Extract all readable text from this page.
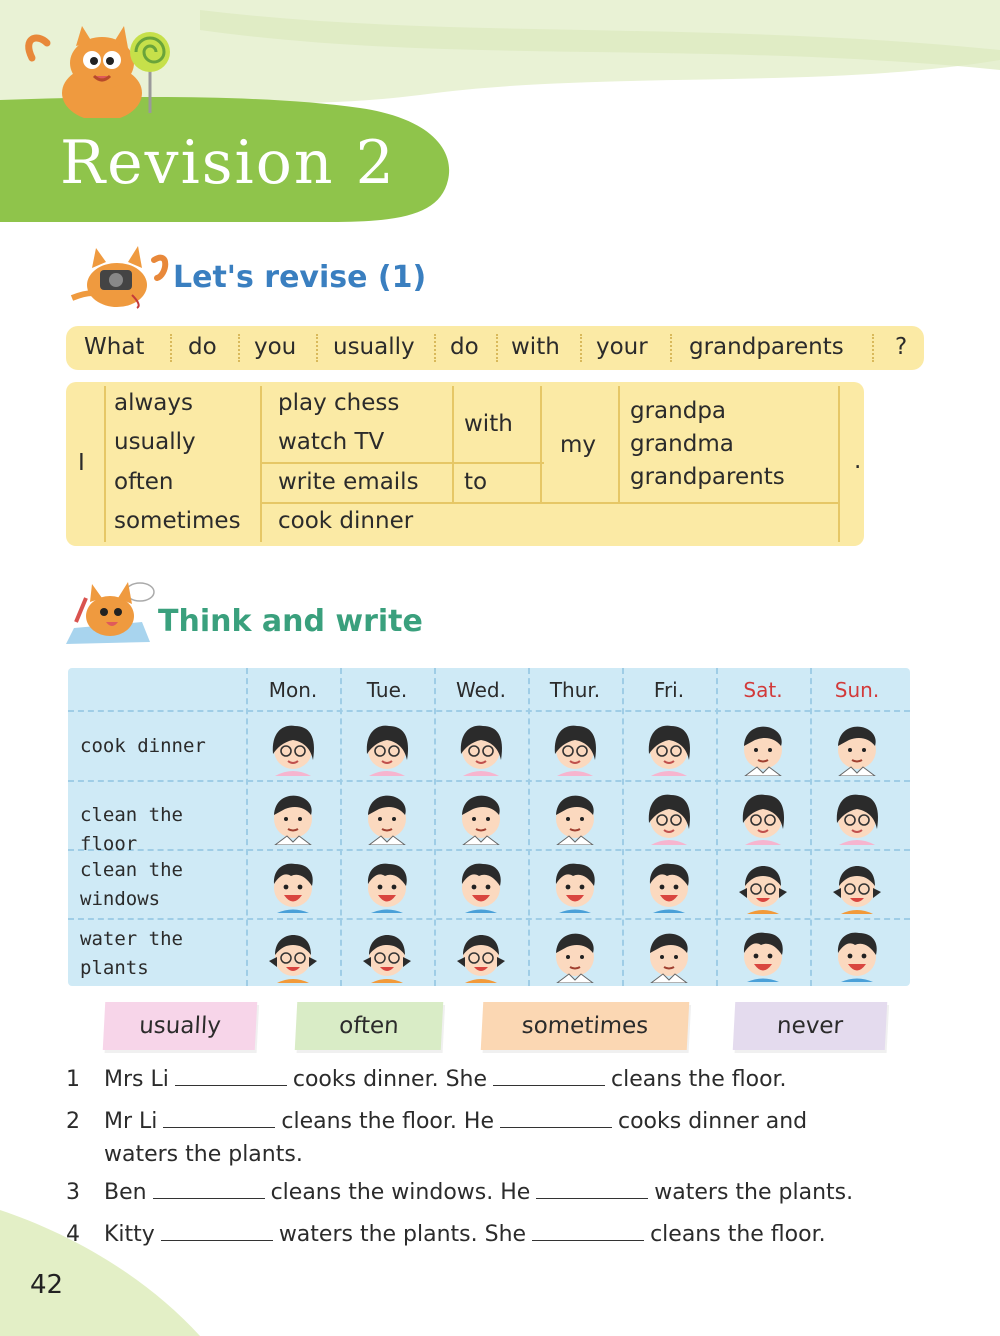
Revision 2
Let's revise (1)
What do you usually do with your grandparents ?
I
always
usually
often
sometimes
play chess
watch TV
write emails
cook dinner
with
to
my
grandpa
grandma
grandparents
.
Think and write
Mon.	Tue.	Wed.	Thur.	Fri.	Sat.	Sun.
cook dinner
clean the floor
clean the
windows
water the
plants
usually	often	sometimes	never
1 Mrs Li	cooks dinner. She	cleans the floor.
2 Mr Li	cleans the floor. He	cooks dinner and
waters the plants.
3 Ben	cleans the windows. He	waters the plants.
4 Kitty	waters the plants. She	cleans the floor.
42
